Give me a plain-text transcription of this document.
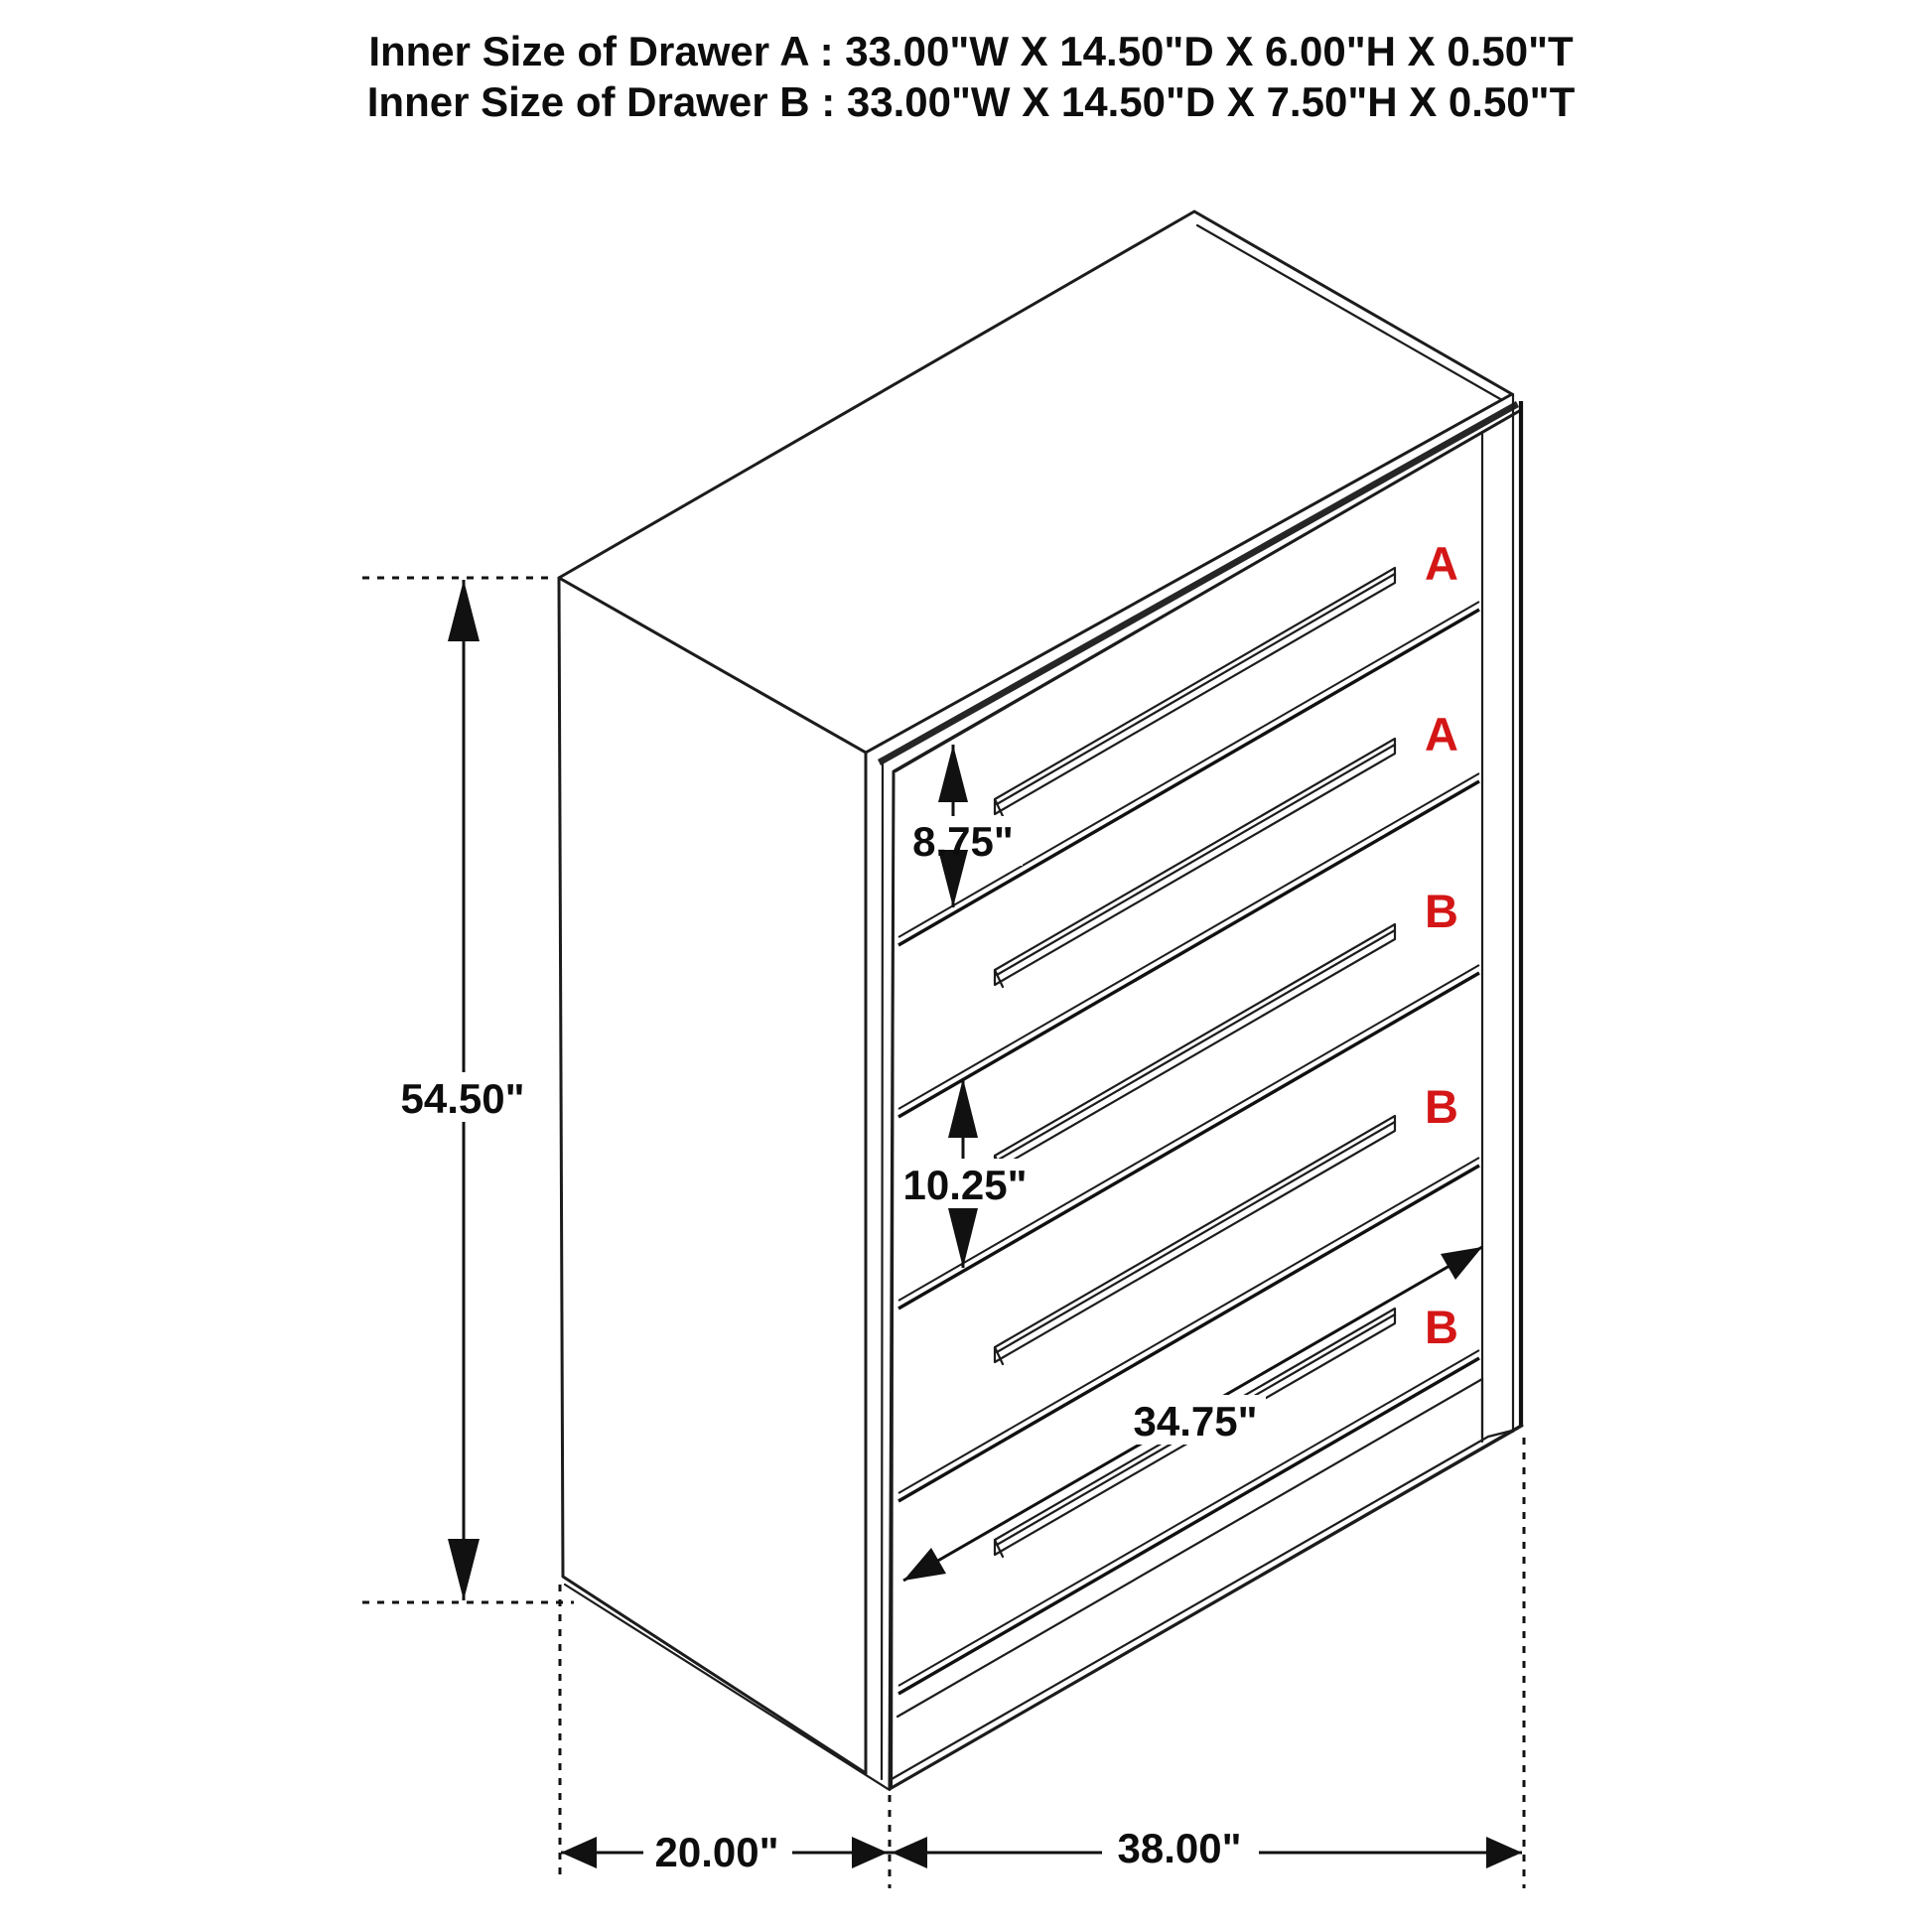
Inner Size of Drawer A : 33.00"W X 14.50"D X 6.00"H X 0.50"T
Inner Size of Drawer B : 33.00"W X 14.50"D X 7.50"H X 0.50"T
A
A
B
B
B
54.50"
8.75"
10.25"
34.75"
20.00"	38.00"
